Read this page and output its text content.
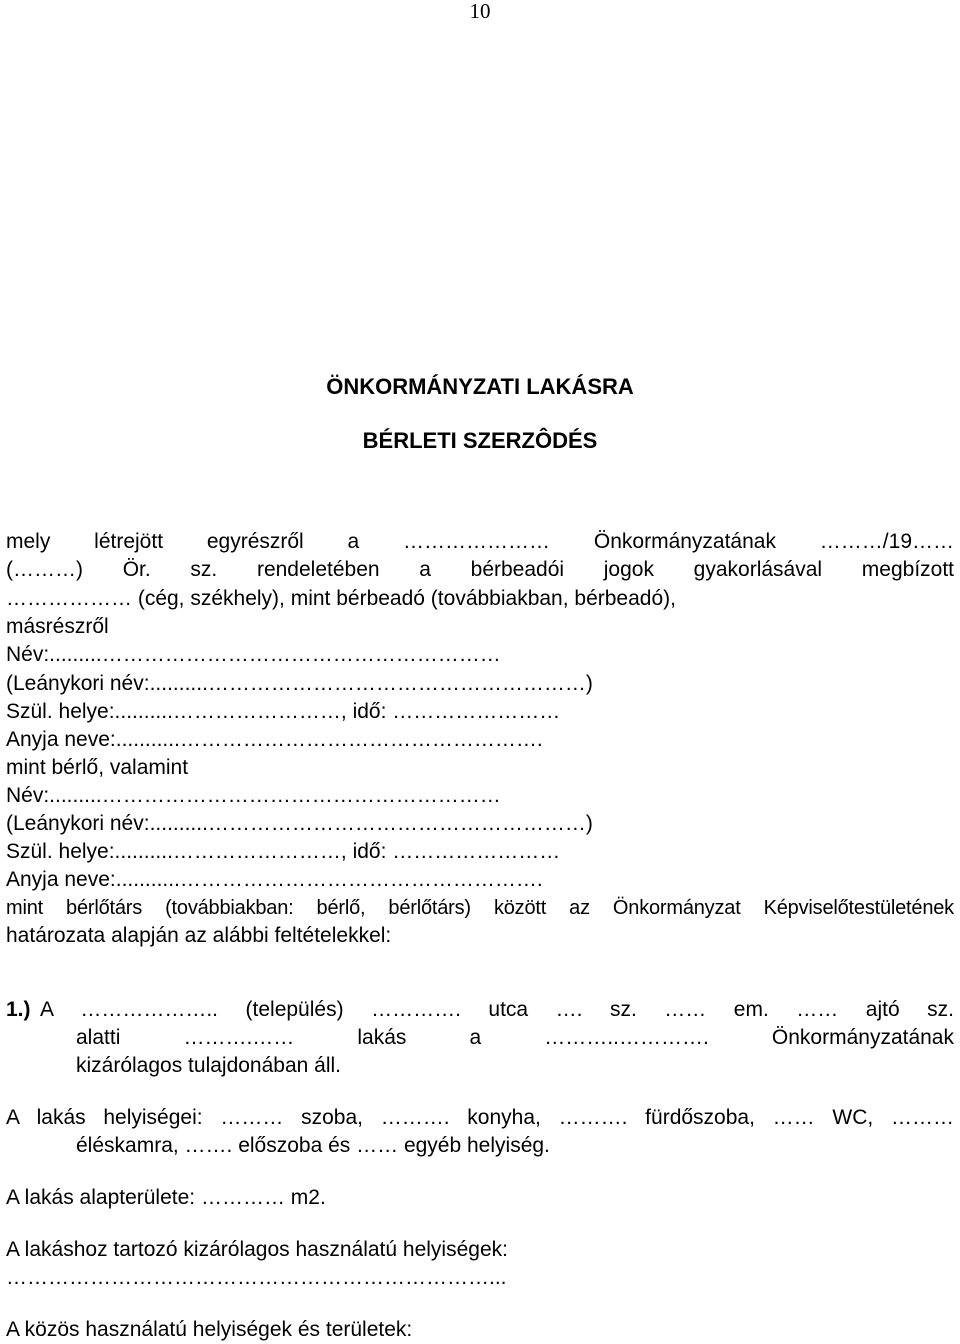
10
ÖNKORMÁNYZATI LAKÁSRA
BÉRLETI SZERZÔDÉS
mely létrejött egyrészről a ………………… Önkormányzatának ………/19……
(………) Ör. sz. rendeletében a bérbeadói jogok gyakorlásával megbízott
……………… (cég, székhely), mint bérbeadó (továbbiakban, bérbeadó),
másrészről
Név:.........…………………………………………………
(Leánykori név:..........………………………………………………)
Szül. helye:..........……………………, idő: ……………………
Anyja neve:...........…………………………………………….
mint bérlő, valamint
Név:.........…………………………………………………
(Leánykori név:..........………………………………………………)
Szül. helye:..........……………………, idő: ……………………
Anyja neve:...........…………………………………………….
mint bérlőtárs (továbbiakban: bérlő, bérlőtárs) között az Önkormányzat Képviselőtestületének
határozata alapján az alábbi feltételekkel:
1.) A ……………….. (település) …………. utca …. sz. …… em. …… ajtó sz.
alatti ……….…… lakás a ………..…………. Önkormányzatának
kizárólagos tulajdonában áll.
A lakás helyiségei: ……… szoba, ………. konyha, ………. fürdőszoba, …… WC, ………
éléskamra, ……. előszoba és …… egyéb helyiség.
A lakás alapterülete: ………… m2.
A lakáshoz tartozó kizárólagos használatú helyiségek:
……………………………………………………………...
A közös használatú helyiségek és területek:
